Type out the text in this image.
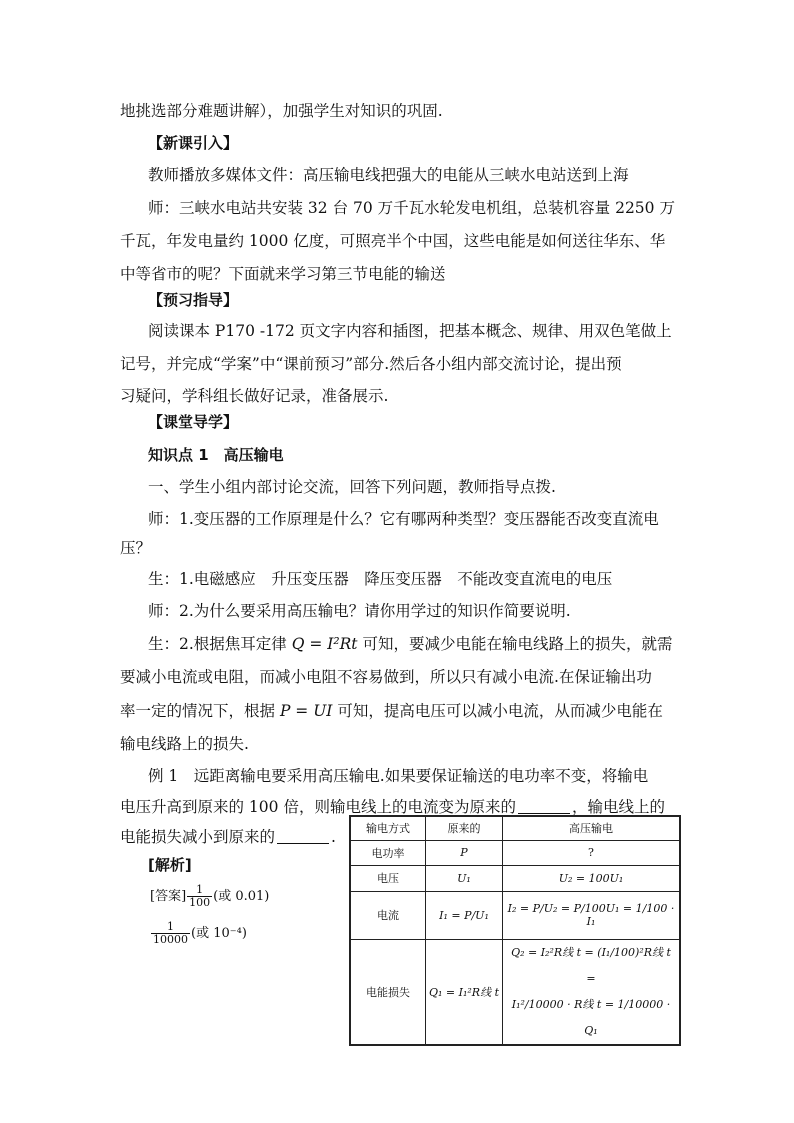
地挑选部分难题讲解），加强学生对知识的巩固.
【新课引入】
教师播放多媒体文件：高压输电线把强大的电能从三峡水电站送到上海
师：三峡水电站共安装 32 台 70 万千瓦水轮发电机组，总装机容量 2250 万
千瓦，年发电量约 1000 亿度，可照亮半个中国，这些电能是如何送往华东、华
中等省市的呢？下面就来学习第三节电能的输送
【预习指导】
阅读课本 P170 -172 页文字内容和插图，把基本概念、规律、用双色笔做上
记号，并完成“学案”中“课前预习”部分.然后各小组内部交流讨论，提出预
习疑问，学科组长做好记录，准备展示.
【课堂导学】
知识点 1　高压输电
一、学生小组内部讨论交流，回答下列问题，教师指导点拨.
师：1.变压器的工作原理是什么？它有哪两种类型？变压器能否改变直流电
压？
生：1.电磁感应　升压变压器　降压变压器　不能改变直流电的电压
师：2.为什么要采用高压输电？请你用学过的知识作简要说明.
生：2.根据焦耳定律 Q = I²Rt 可知，要减少电能在输电线路上的损失，就需
要减小电流或电阻，而减小电阻不容易做到，所以只有减小电流.在保证输出功
率一定的情况下，根据 P = UI 可知，提高电压可以减小电流，从而减少电能在
输电线路上的损失.
例 1　远距离输电要采用高压输电.如果要保证输送的电功率不变，将输电
电压升高到原来的 100 倍，则输电线上的电流变为原来的	，输电线上的
电能损失减小到原来的	.
[解析]
[答案] $\frac{1}{100}$ (或 0.01)
$\frac{1}{10000}$ (或 10⁻⁴)
输电方式	原来的	高压输电
电功率	P	?
电压	U₁	U₂ = 100U₁
电流	I₁ = P/U₁	I₂ = P/U₂ = P/100U₁ = 1/100 · I₁
电能损失	Q₁ = I₁²R线 t	Q₂ = I₂²R线 t = (I₁/100)²R线 t =
I₁²/10000 · R线 t = 1/10000 · Q₁
